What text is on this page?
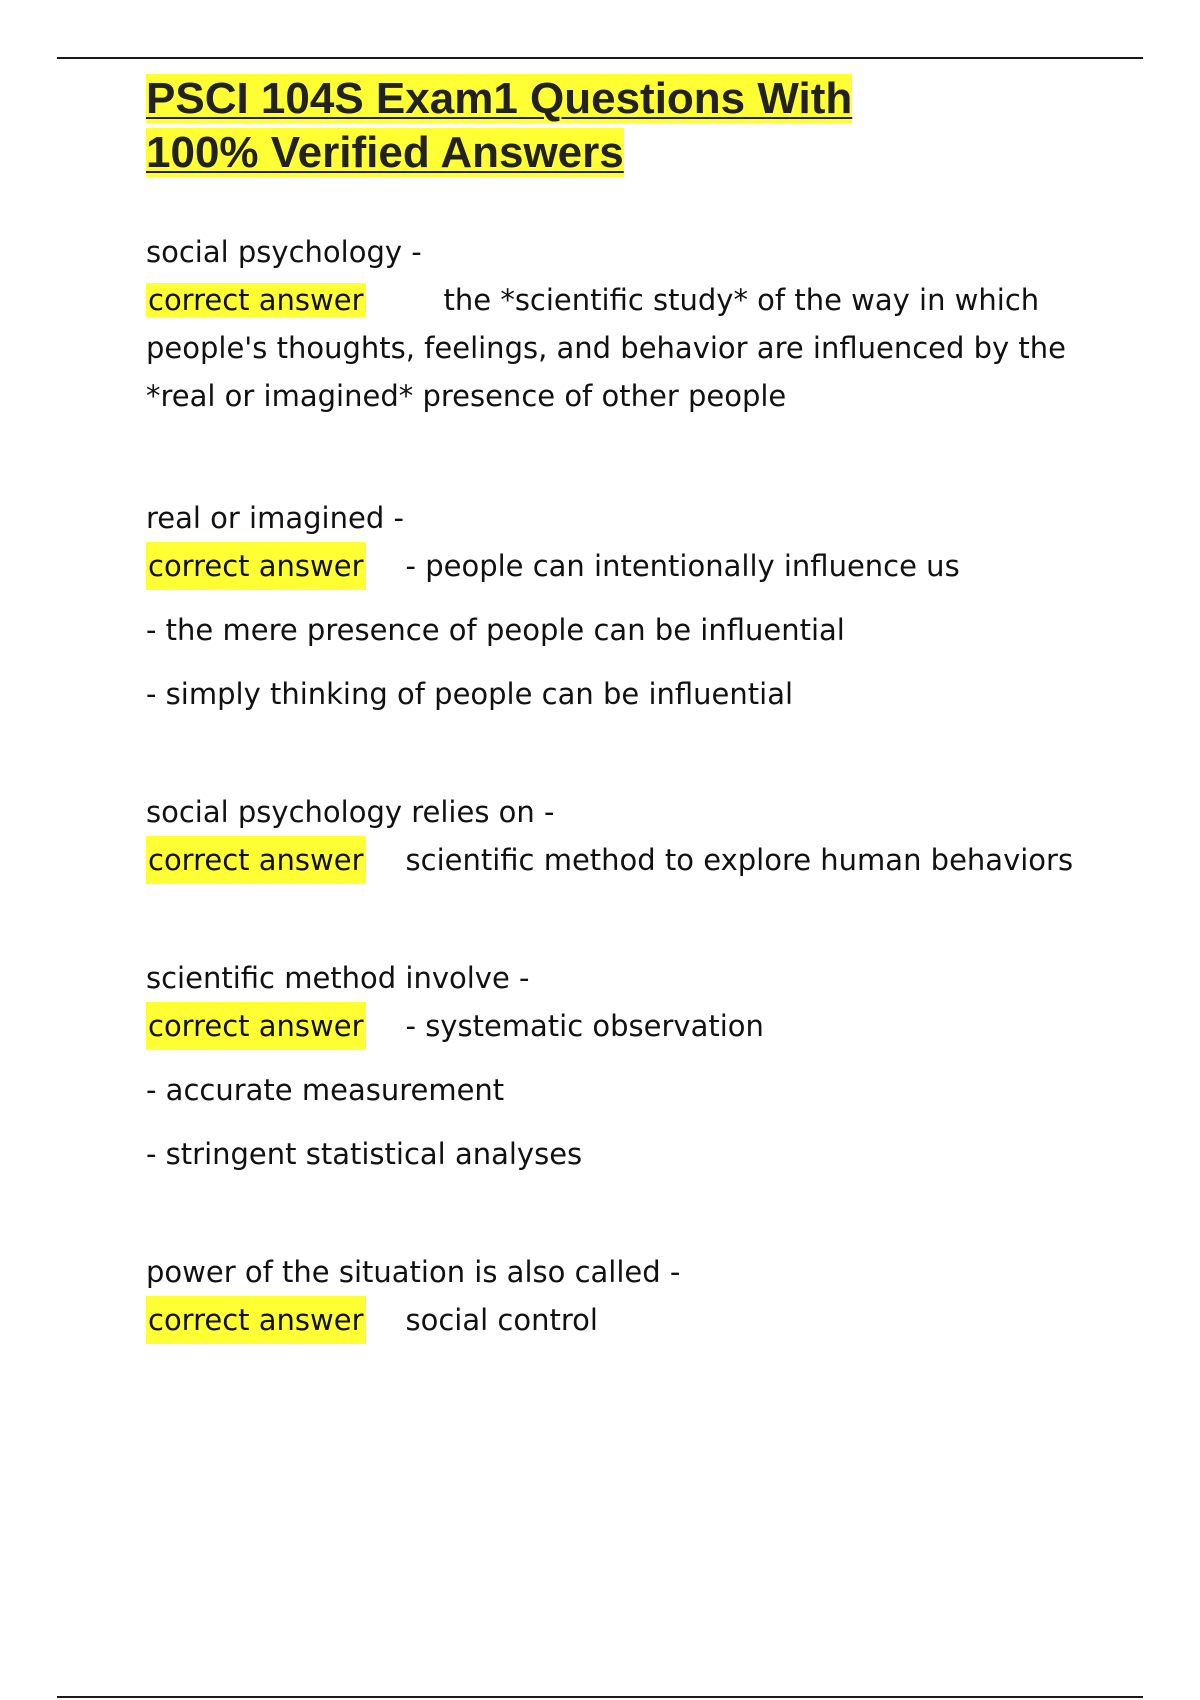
PSCI 104S Exam1 Questions With
100% Verified Answers

social psychology -

correct answer	the *scientific study* of the way in which people's thoughts, feelings, and behavior are influenced by the *real or imagined* presence of other people

real or imagined -

correct answer - people can intentionally influence us

- the mere presence of people can be influential

- simply thinking of people can be influential

social psychology relies on -

correct answer scientific method to explore human behaviors

scientific method involve -

correct answer - systematic observation

- accurate measurement

- stringent statistical analyses

power of the situation is also called -

correct answer social control
